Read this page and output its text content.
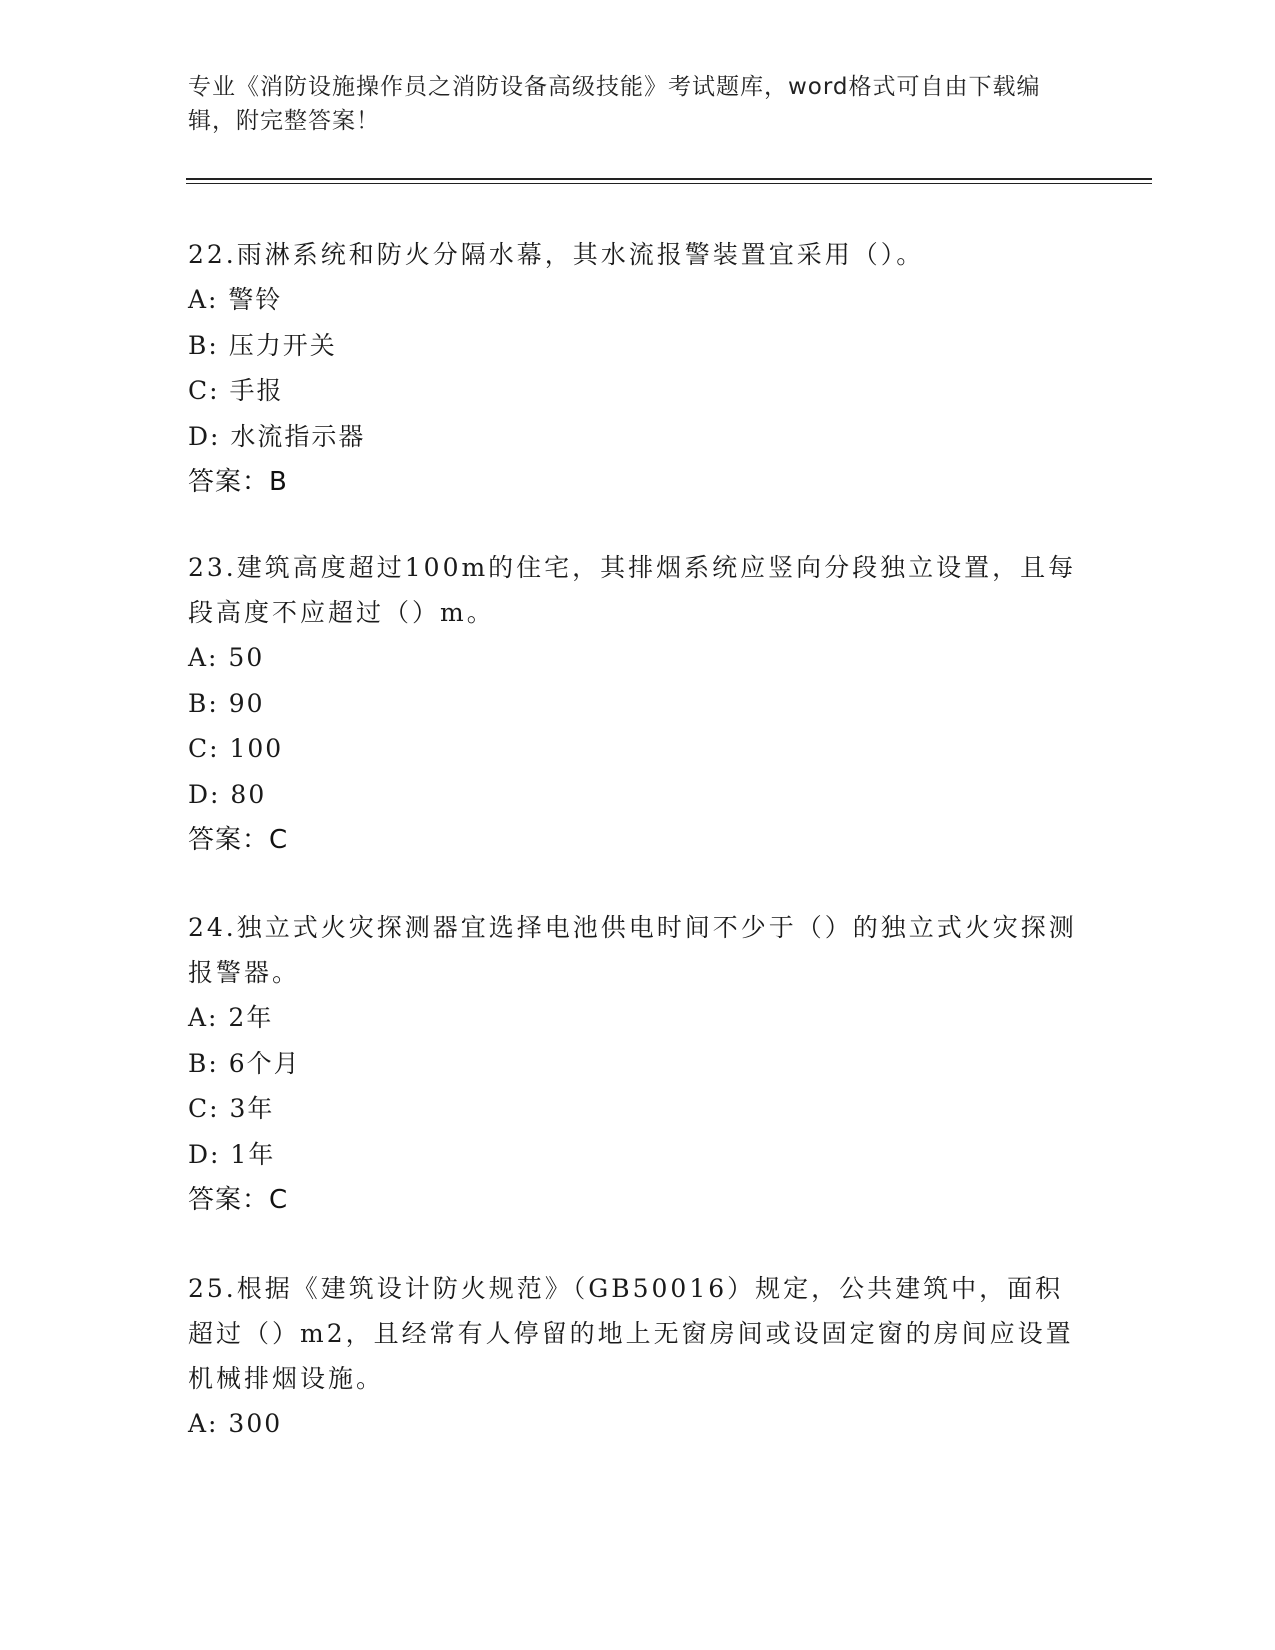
专业《消防设施操作员之消防设备高级技能》考试题库，word格式可自由下载编辑，附完整答案！

22.雨淋系统和防火分隔水幕，其水流报警装置宜采用（）。

A: 警铃
B: 压力开关
C: 手报
D: 水流指示器
答案：B

23.建筑高度超过100m的住宅，其排烟系统应竖向分段独立设置，且每段高度不应超过（）m。

A: 50
B: 90
C: 100
D: 80
答案：C

24.独立式火灾探测器宜选择电池供电时间不少于（）的独立式火灾探测报警器。

A: 2年
B: 6个月
C: 3年
D: 1年
答案：C

25.根据《建筑设计防火规范》（GB50016）规定，公共建筑中，面积超过（）m2，且经常有人停留的地上无窗房间或设固定窗的房间应设置机械排烟设施。

A: 300
